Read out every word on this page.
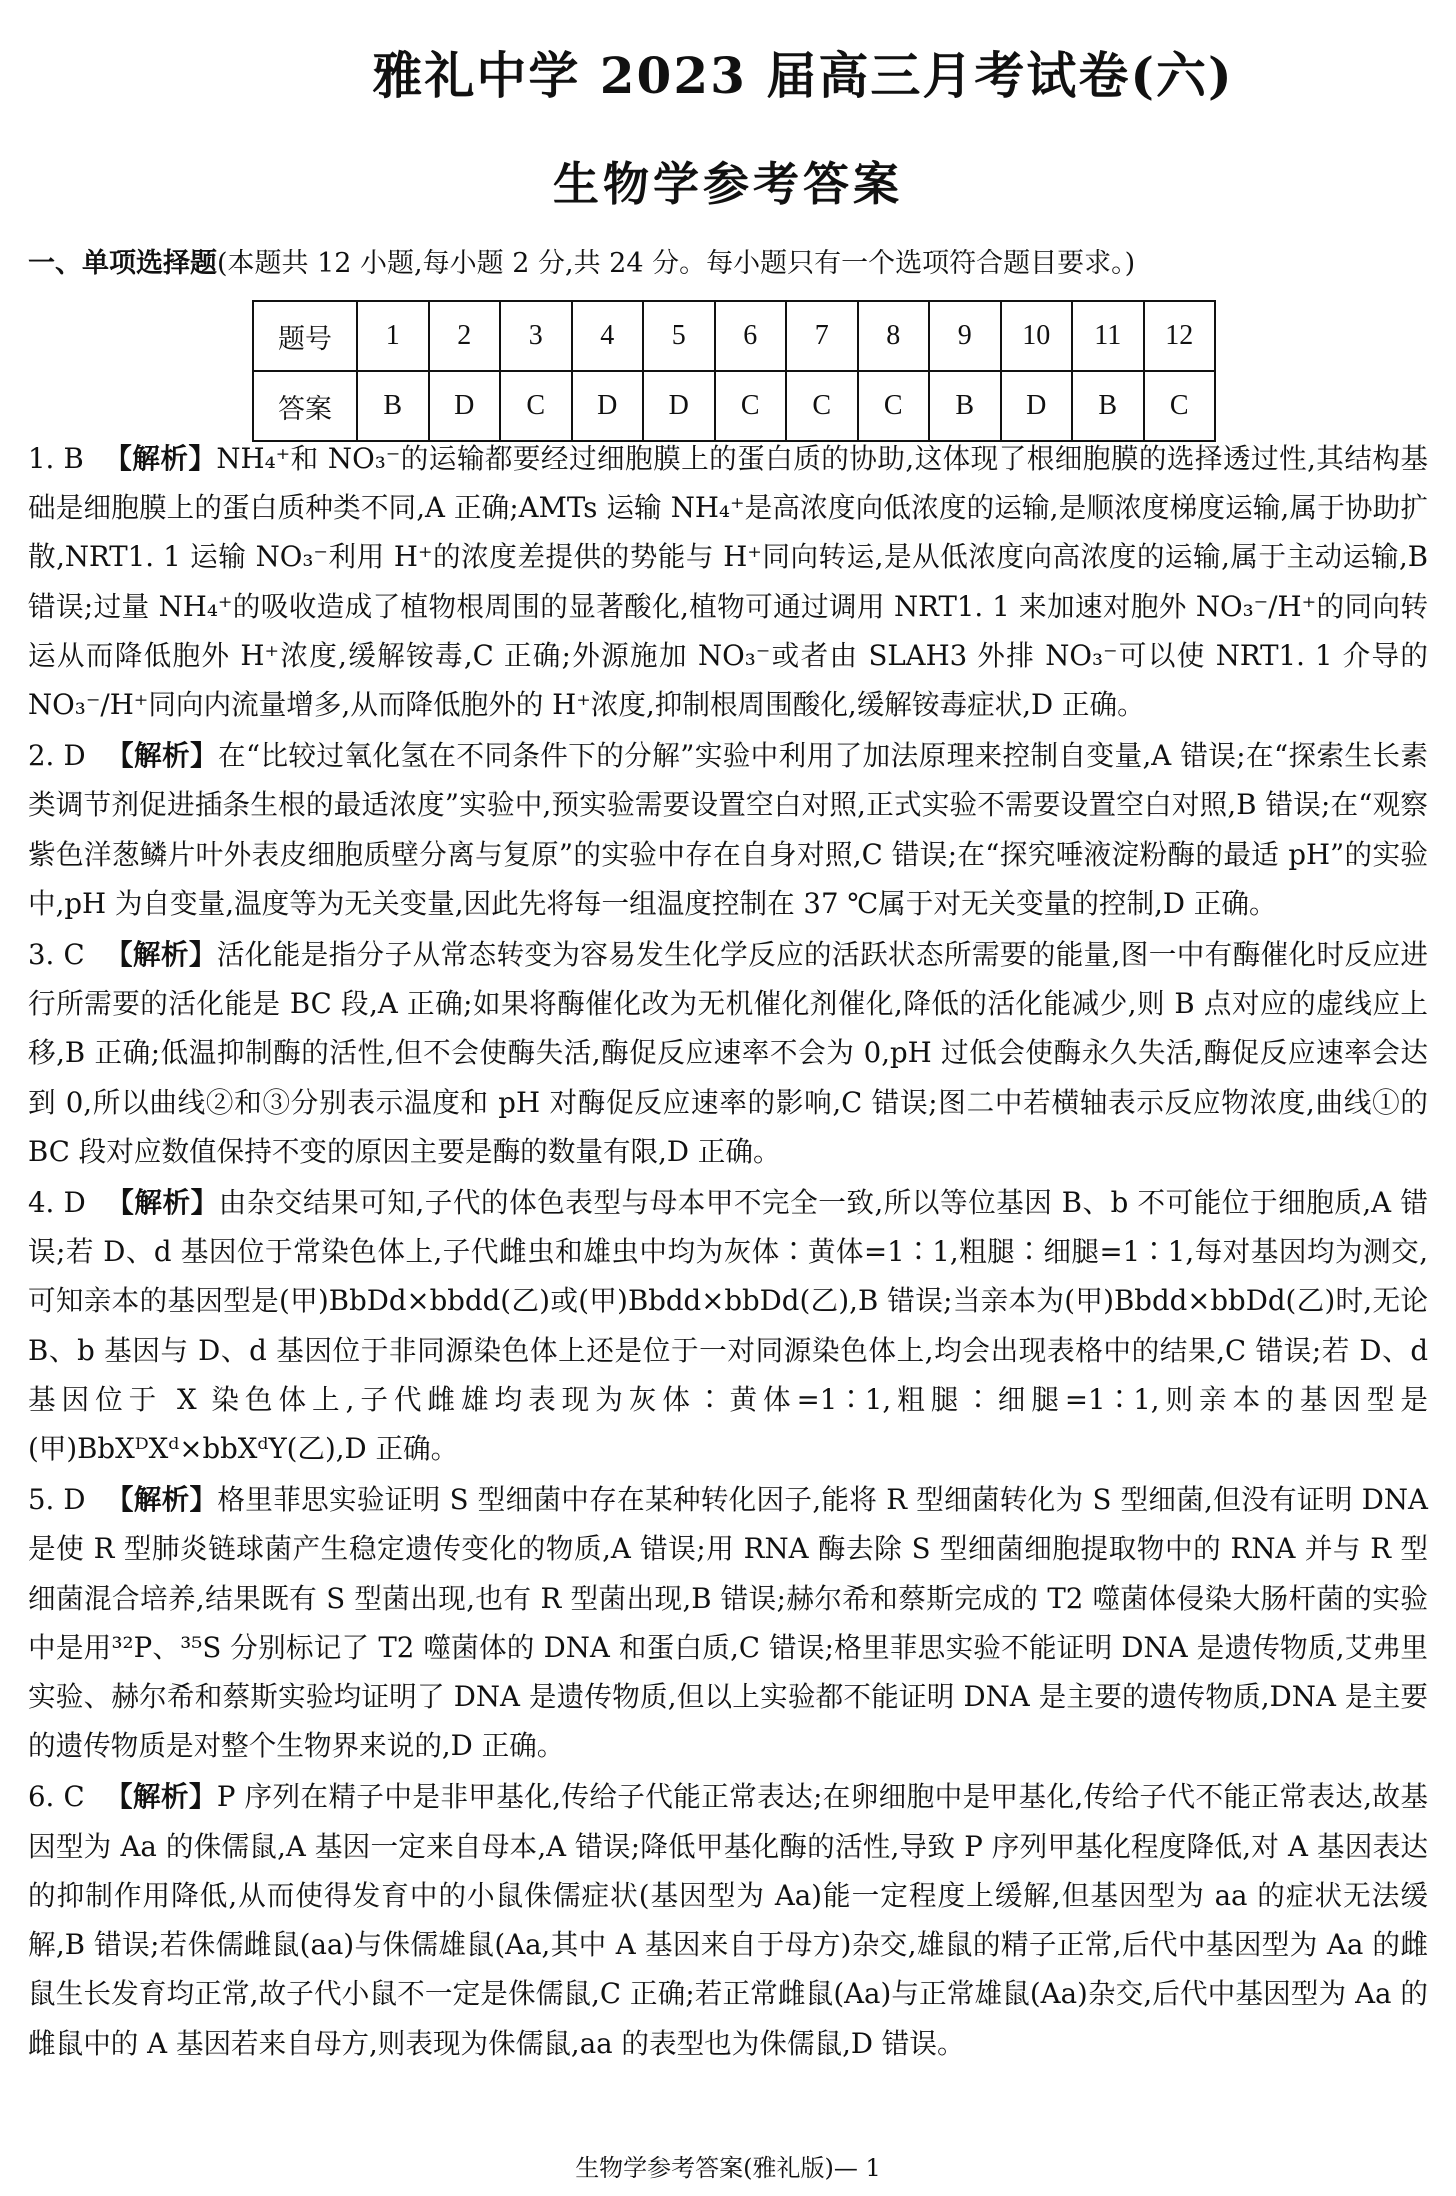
雅礼中学 2023 届高三月考试卷(六)
生物学参考答案
一、单项选择题(本题共 12 小题,每小题 2 分,共 24 分。每小题只有一个选项符合题目要求。)
题号	1	2	3	4	5	6	7	8	9	10	11	12
答案	B	D	C	D	D	C	C	C	B	D	B	C
1. B 【解析】NH₄⁺和 NO₃⁻的运输都要经过细胞膜上的蛋白质的协助,这体现了根细胞膜的选择透过性,其结构基础是细胞膜上的蛋白质种类不同,A 正确;AMTs 运输 NH₄⁺是高浓度向低浓度的运输,是顺浓度梯度运输,属于协助扩散,NRT1. 1 运输 NO₃⁻利用 H⁺的浓度差提供的势能与 H⁺同向转运,是从低浓度向高浓度的运输,属于主动运输,B 错误;过量 NH₄⁺的吸收造成了植物根周围的显著酸化,植物可通过调用 NRT1. 1 来加速对胞外 NO₃⁻/H⁺的同向转运从而降低胞外 H⁺浓度,缓解铵毒,C 正确;外源施加 NO₃⁻或者由 SLAH3 外排 NO₃⁻可以使 NRT1. 1 介导的 NO₃⁻/H⁺同向内流量增多,从而降低胞外的 H⁺浓度,抑制根周围酸化,缓解铵毒症状,D 正确。
2. D 【解析】在“比较过氧化氢在不同条件下的分解”实验中利用了加法原理来控制自变量,A 错误;在“探索生长素类调节剂促进插条生根的最适浓度”实验中,预实验需要设置空白对照,正式实验不需要设置空白对照,B 错误;在“观察紫色洋葱鳞片叶外表皮细胞质壁分离与复原”的实验中存在自身对照,C 错误;在“探究唾液淀粉酶的最适 pH”的实验中,pH 为自变量,温度等为无关变量,因此先将每一组温度控制在 37 ℃属于对无关变量的控制,D 正确。
3. C 【解析】活化能是指分子从常态转变为容易发生化学反应的活跃状态所需要的能量,图一中有酶催化时反应进行所需要的活化能是 BC 段,A 正确;如果将酶催化改为无机催化剂催化,降低的活化能减少,则 B 点对应的虚线应上移,B 正确;低温抑制酶的活性,但不会使酶失活,酶促反应速率不会为 0,pH 过低会使酶永久失活,酶促反应速率会达到 0,所以曲线②和③分别表示温度和 pH 对酶促反应速率的影响,C 错误;图二中若横轴表示反应物浓度,曲线①的 BC 段对应数值保持不变的原因主要是酶的数量有限,D 正确。
4. D 【解析】由杂交结果可知,子代的体色表型与母本甲不完全一致,所以等位基因 B、b 不可能位于细胞质,A 错误;若 D、d 基因位于常染色体上,子代雌虫和雄虫中均为灰体∶黄体=1∶1,粗腿∶细腿=1∶1,每对基因均为测交,可知亲本的基因型是(甲)BbDd×bbdd(乙)或(甲)Bbdd×bbDd(乙),B 错误;当亲本为(甲)Bbdd×bbDd(乙)时,无论 B、b 基因与 D、d 基因位于非同源染色体上还是位于一对同源染色体上,均会出现表格中的结果,C 错误;若 D、d 基因位于 X 染色体上,子代雌雄均表现为灰体∶黄体=1∶1,粗腿∶细腿=1∶1,则亲本的基因型是(甲)BbXᴰXᵈ×bbXᵈY(乙),D 正确。
5. D 【解析】格里菲思实验证明 S 型细菌中存在某种转化因子,能将 R 型细菌转化为 S 型细菌,但没有证明 DNA 是使 R 型肺炎链球菌产生稳定遗传变化的物质,A 错误;用 RNA 酶去除 S 型细菌细胞提取物中的 RNA 并与 R 型细菌混合培养,结果既有 S 型菌出现,也有 R 型菌出现,B 错误;赫尔希和蔡斯完成的 T2 噬菌体侵染大肠杆菌的实验中是用³²P、³⁵S 分别标记了 T2 噬菌体的 DNA 和蛋白质,C 错误;格里菲思实验不能证明 DNA 是遗传物质,艾弗里实验、赫尔希和蔡斯实验均证明了 DNA 是遗传物质,但以上实验都不能证明 DNA 是主要的遗传物质,DNA 是主要的遗传物质是对整个生物界来说的,D 正确。
6. C 【解析】P 序列在精子中是非甲基化,传给子代能正常表达;在卵细胞中是甲基化,传给子代不能正常表达,故基因型为 Aa 的侏儒鼠,A 基因一定来自母本,A 错误;降低甲基化酶的活性,导致 P 序列甲基化程度降低,对 A 基因表达的抑制作用降低,从而使得发育中的小鼠侏儒症状(基因型为 Aa)能一定程度上缓解,但基因型为 aa 的症状无法缓解,B 错误;若侏儒雌鼠(aa)与侏儒雄鼠(Aa,其中 A 基因来自于母方)杂交,雄鼠的精子正常,后代中基因型为 Aa 的雌鼠生长发育均正常,故子代小鼠不一定是侏儒鼠,C 正确;若正常雌鼠(Aa)与正常雄鼠(Aa)杂交,后代中基因型为 Aa 的雌鼠中的 A 基因若来自母方,则表现为侏儒鼠,aa 的表型也为侏儒鼠,D 错误。
生物学参考答案(雅礼版)— 1
